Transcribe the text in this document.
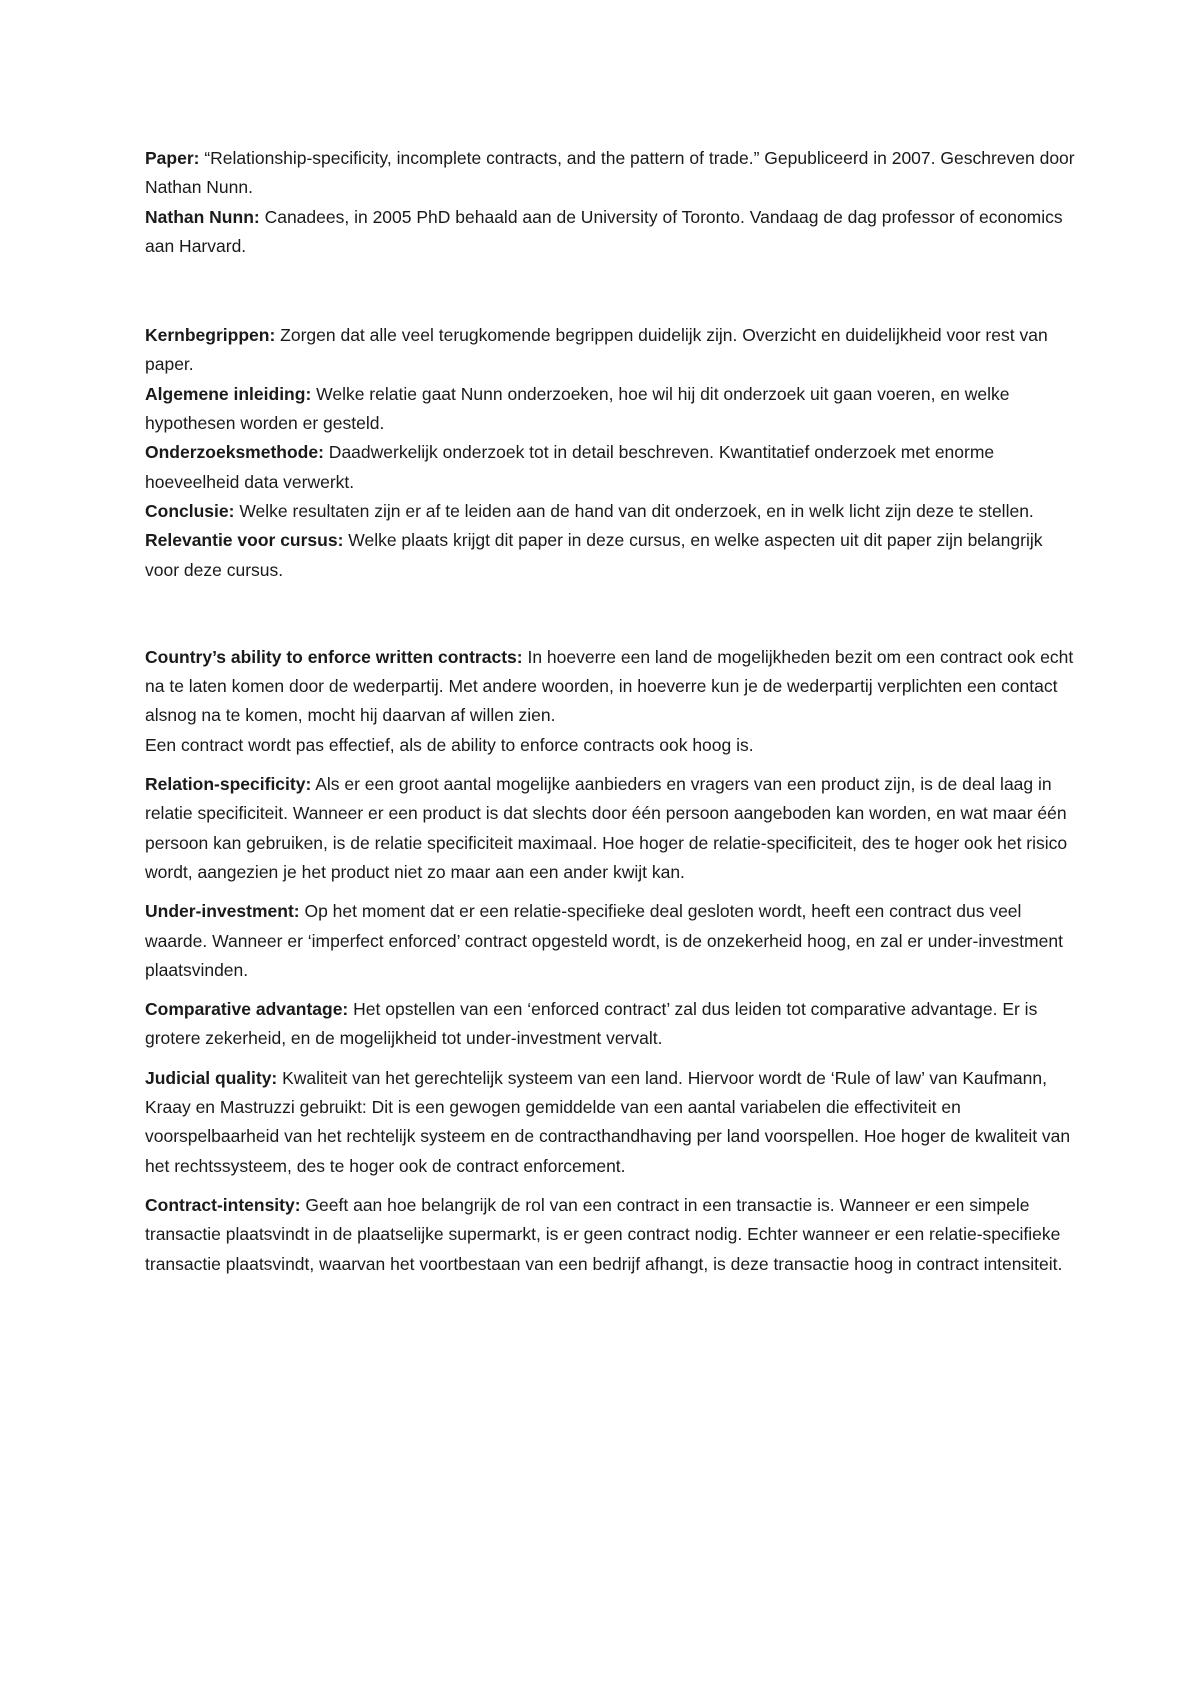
Paper: “Relationship-specificity, incomplete contracts, and the pattern of trade.” Gepubliceerd in 2007. Geschreven door Nathan Nunn.

Nathan Nunn: Canadees, in 2005 PhD behaald aan de University of Toronto. Vandaag de dag professor of economics aan Harvard.

Kernbegrippen: Zorgen dat alle veel terugkomende begrippen duidelijk zijn. Overzicht en duidelijkheid voor rest van paper.

Algemene inleiding: Welke relatie gaat Nunn onderzoeken, hoe wil hij dit onderzoek uit gaan voeren, en welke hypothesen worden er gesteld.

Onderzoeksmethode: Daadwerkelijk onderzoek tot in detail beschreven. Kwantitatief onderzoek met enorme hoeveelheid data verwerkt.

Conclusie: Welke resultaten zijn er af te leiden aan de hand van dit onderzoek, en in welk licht zijn deze te stellen.

Relevantie voor cursus: Welke plaats krijgt dit paper in deze cursus, en welke aspecten uit dit paper zijn belangrijk voor deze cursus.

Country’s ability to enforce written contracts: In hoeverre een land de mogelijkheden bezit om een contract ook echt na te laten komen door de wederpartij. Met andere woorden, in hoeverre kun je de wederpartij verplichten een contact alsnog na te komen, mocht hij daarvan af willen zien.

Een contract wordt pas effectief, als de ability to enforce contracts ook hoog is.

Relation-specificity: Als er een groot aantal mogelijke aanbieders en vragers van een product zijn, is de deal laag in relatie specificiteit. Wanneer er een product is dat slechts door één persoon aangeboden kan worden, en wat maar één persoon kan gebruiken, is de relatie specificiteit maximaal. Hoe hoger de relatie-specificiteit, des te hoger ook het risico wordt, aangezien je het product niet zo maar aan een ander kwijt kan.

Under-investment: Op het moment dat er een relatie-specifieke deal gesloten wordt, heeft een contract dus veel waarde. Wanneer er ‘imperfect enforced’ contract opgesteld wordt, is de onzekerheid hoog, en zal er under-investment plaatsvinden.

Comparative advantage: Het opstellen van een ‘enforced contract’ zal dus leiden tot comparative advantage. Er is grotere zekerheid, en de mogelijkheid tot under-investment vervalt.

Judicial quality: Kwaliteit van het gerechtelijk systeem van een land. Hiervoor wordt de ‘Rule of law’ van Kaufmann, Kraay en Mastruzzi gebruikt: Dit is een gewogen gemiddelde van een aantal variabelen die effectiviteit en voorspelbaarheid van het rechtelijk systeem en de contracthandhaving per land voorspellen. Hoe hoger de kwaliteit van het rechtssysteem, des te hoger ook de contract enforcement.

Contract-intensity: Geeft aan hoe belangrijk de rol van een contract in een transactie is. Wanneer er een simpele transactie plaatsvindt in de plaatselijke supermarkt, is er geen contract nodig. Echter wanneer er een relatie-specifieke transactie plaatsvindt, waarvan het voortbestaan van een bedrijf afhangt, is deze transactie hoog in contract intensiteit.
